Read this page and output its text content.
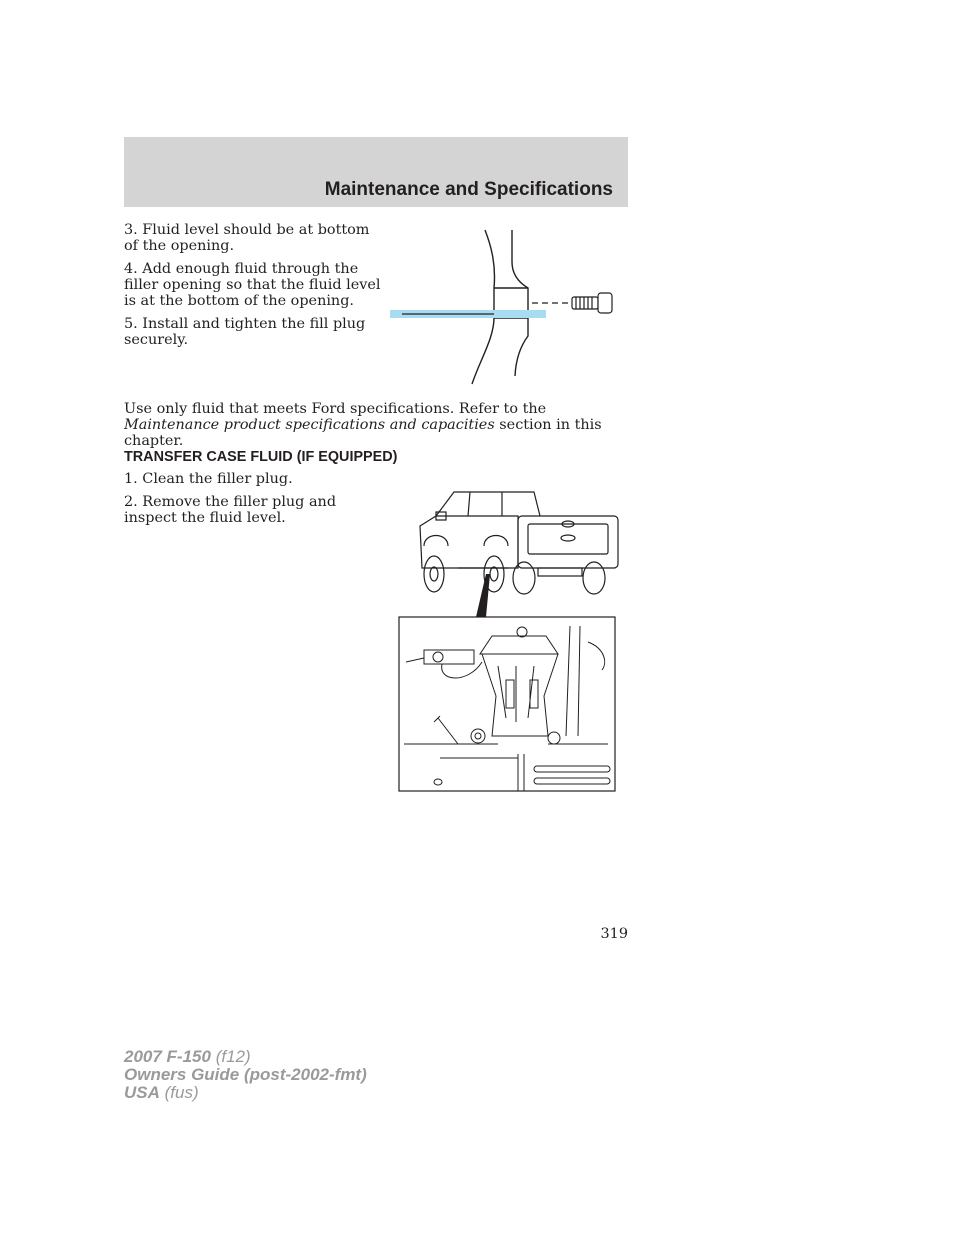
Maintenance and Specifications

3. Fluid level should be at bottom of the opening.

4. Add enough fluid through the filler opening so that the fluid level is at the bottom of the opening.

5. Install and tighten the fill plug securely.

Use only fluid that meets Ford specifications. Refer to the Maintenance product specifications and capacities section in this chapter.

TRANSFER CASE FLUID (IF EQUIPPED)

1. Clean the filler plug.

2. Remove the filler plug and inspect the fluid level.

319
2007 F-150 (f12)
Owners Guide (post-2002-fmt)
USA (fus)
